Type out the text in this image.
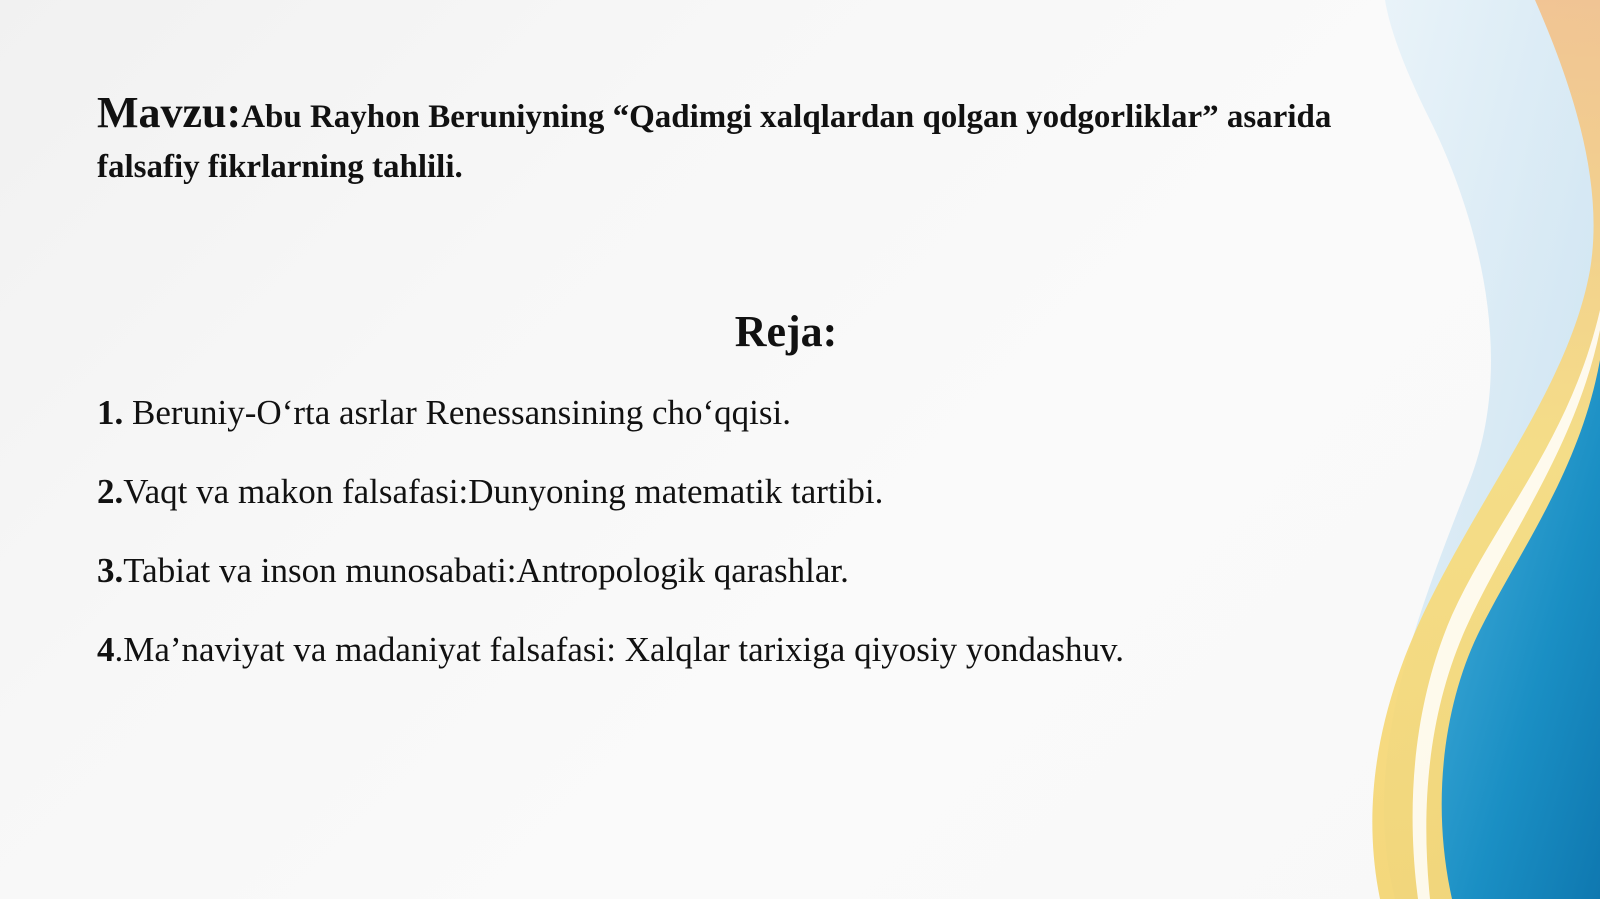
Mavzu:Abu Rayhon Beruniyning “Qadimgi xalqlardan qolgan yodgorliklar” asarida falsafiy fikrlarning tahlili.

Reja:
1. Beruniy-O‘rta asrlar Renessansining cho‘qqisi.
2.Vaqt va makon falsafasi:Dunyoning matematik tartibi.
3.Tabiat va inson munosabati:Antropologik qarashlar.
4.Ma’naviyat va madaniyat falsafasi: Xalqlar tarixiga qiyosiy yondashuv.
